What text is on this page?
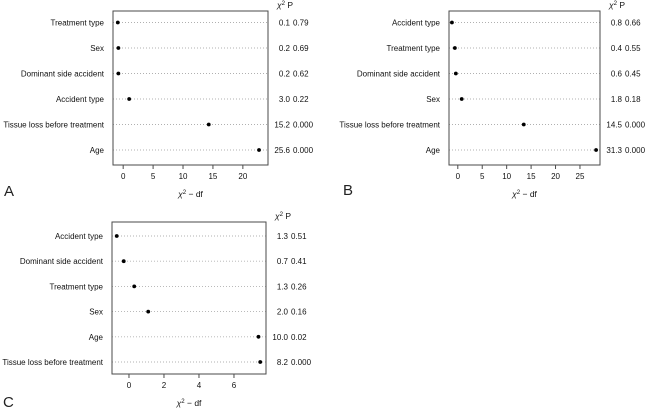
Treatment type	0.1 0.79
Sex	0.2 0.69
Dominant side accident	0.2 0.62
Accident type	3.0 0.22
Tissue loss before treatment	15.2 0.000
Age	25.6 0.000
0	5	10	15	20
$\chi^2$ − df
$\chi^2$ P
Accident type	0.8 0.66
Treatment type	0.4 0.55
Dominant side accident	0.6 0.45
Sex	1.8 0.18
Tissue loss before treatment	14.5 0.000
Age	31.3 0.000
0 5 10 15 20 25
$\chi^2$ − df
$\chi^2$ P
Accident type	1.3 0.51
Dominant side accident	0.7 0.41
Treatment type	1.3 0.26
Sex	2.0 0.16
Age	10.0 0.02
Tissue loss before treatment	8.2 0.000
0	2	4	6
$\chi^2$ − df
$\chi^2$ P
A	B
C
